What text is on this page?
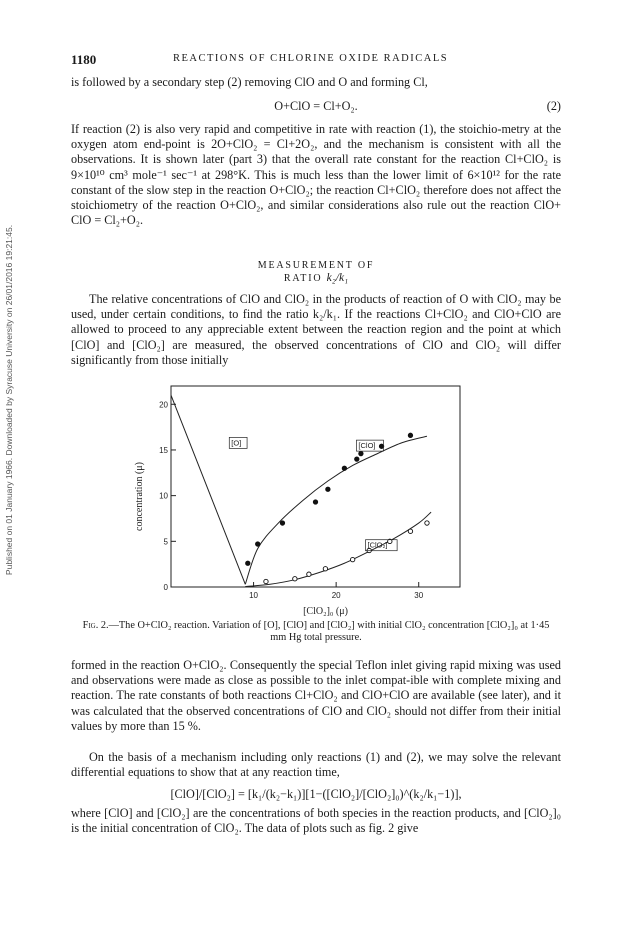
Published on 01 January 1966. Downloaded by Syracuse University on 26/01/2016 19:21:45.
1180	REACTIONS OF CHLORINE OXIDE RADICALS

is followed by a secondary step (2) removing ClO and O and forming Cl,

O+ClO = Cl+O₂.	(2)

If reaction (2) is also very rapid and competitive in rate with reaction (1), the stoichio-metry at the oxygen atom end-point is 2O+ClO₂ = Cl+2O₂, and the mechanism is consistent with all the observations. It is shown later (part 3) that the overall rate constant for the reaction Cl+ClO₂ is 9×10¹⁰ cm³ mole⁻¹ sec⁻¹ at 298°K. This is much less than the lower limit of 6×10¹² for the rate constant of the slow step in the reaction O+ClO₂; the reaction Cl+ClO₂ therefore does not affect the stoichiometry of the reaction O+ClO₂, and similar considerations also rule out the reaction ClO+ ClO = Cl₂+O₂.

MEASUREMENT OF
RATIO k₂/k₁

The relative concentrations of ClO and ClO₂ in the products of reaction of O with ClO₂ may be used, under certain conditions, to find the ratio k₂/k₁. If the reactions Cl+ClO₂ and ClO+ClO are allowed to proceed to any appreciable extent between the reaction region and the point at which [ClO] and [ClO₂] are measured, the observed concentrations of ClO and ClO₂ will differ significantly from those initially

10	20	30
0
5
10
15
20
[ClO₂]₀ (μ)
concentration (μ)
[O]	[ClO]
[ClO₂]
Fig. 2.—The O+ClO₂ reaction. Variation of [O], [ClO] and [ClO₂] with initial ClO₂ concentration [ClO₂]₀ at 1·45 mm Hg total pressure.

formed in the reaction O+ClO₂. Consequently the special Teflon inlet giving rapid mixing was used and observations were made as close as possible to the inlet compat-ible with complete mixing and reaction. The rate constants of both reactions Cl+ClO₂ and ClO+ClO are available (see later), and it was calculated that the observed concentrations of ClO and ClO₂ should not differ from their initial values by more than 15 %.

On the basis of a mechanism including only reactions (1) and (2), we may solve the relevant differential equations to show that at any reaction time,

[ClO]/[ClO₂] = [k₁/(k₂−k₁)][1−([ClO₂]/[ClO₂]₀)^(k₂/k₁−1)],

where [ClO] and [ClO₂] are the concentrations of both species in the reaction products, and [ClO₂]₀ is the initial concentration of ClO₂. The data of plots such as fig. 2 give
